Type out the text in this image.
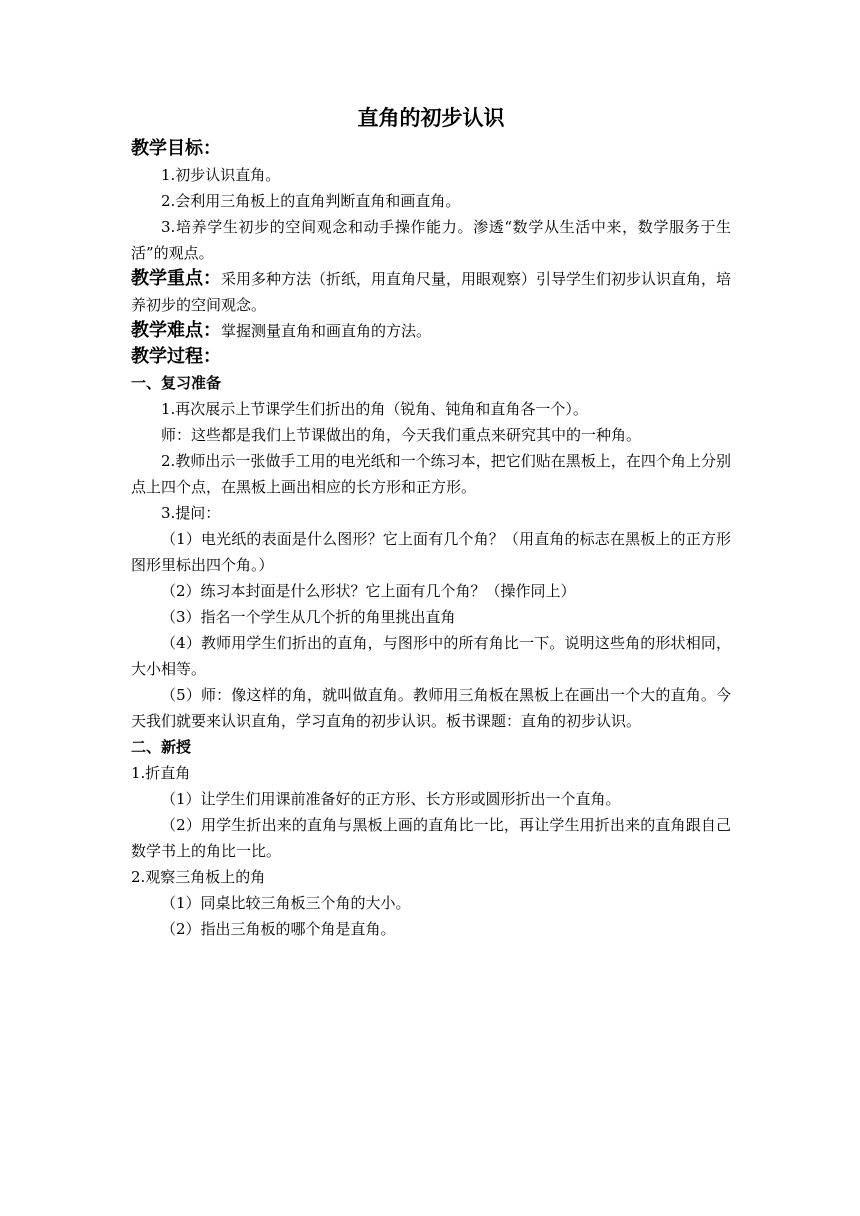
直角的初步认识
教学目标：

1.初步认识直角。

2.会利用三角板上的直角判断直角和画直角。

3.培养学生初步的空间观念和动手操作能力。渗透“数学从生活中来，数学服务于生活”的观点。

教学重点：采用多种方法（折纸，用直角尺量，用眼观察）引导学生们初步认识直角，培养初步的空间观念。

教学难点：掌握测量直角和画直角的方法。

教学过程：
一、复习准备

1.再次展示上节课学生们折出的角（锐角、钝角和直角各一个）。

师：这些都是我们上节课做出的角，今天我们重点来研究其中的一种角。

2.教师出示一张做手工用的电光纸和一个练习本，把它们贴在黑板上，在四个角上分别点上四个点，在黑板上画出相应的长方形和正方形。

3.提问：

（1）电光纸的表面是什么图形？它上面有几个角？（用直角的标志在黑板上的正方形图形里标出四个角。）

（2）练习本封面是什么形状？它上面有几个角？（操作同上）

（3）指名一个学生从几个折的角里挑出直角

（4）教师用学生们折出的直角，与图形中的所有角比一下。说明这些角的形状相同，大小相等。

（5）师：像这样的角，就叫做直角。教师用三角板在黑板上在画出一个大的直角。今天我们就要来认识直角，学习直角的初步认识。板书课题：直角的初步认识。

二、新授

1.折直角

（1）让学生们用课前准备好的正方形、长方形或圆形折出一个直角。

（2）用学生折出来的直角与黑板上画的直角比一比，再让学生用折出来的直角跟自己数学书上的角比一比。

2.观察三角板上的角

（1）同桌比较三角板三个角的大小。

（2）指出三角板的哪个角是直角。
